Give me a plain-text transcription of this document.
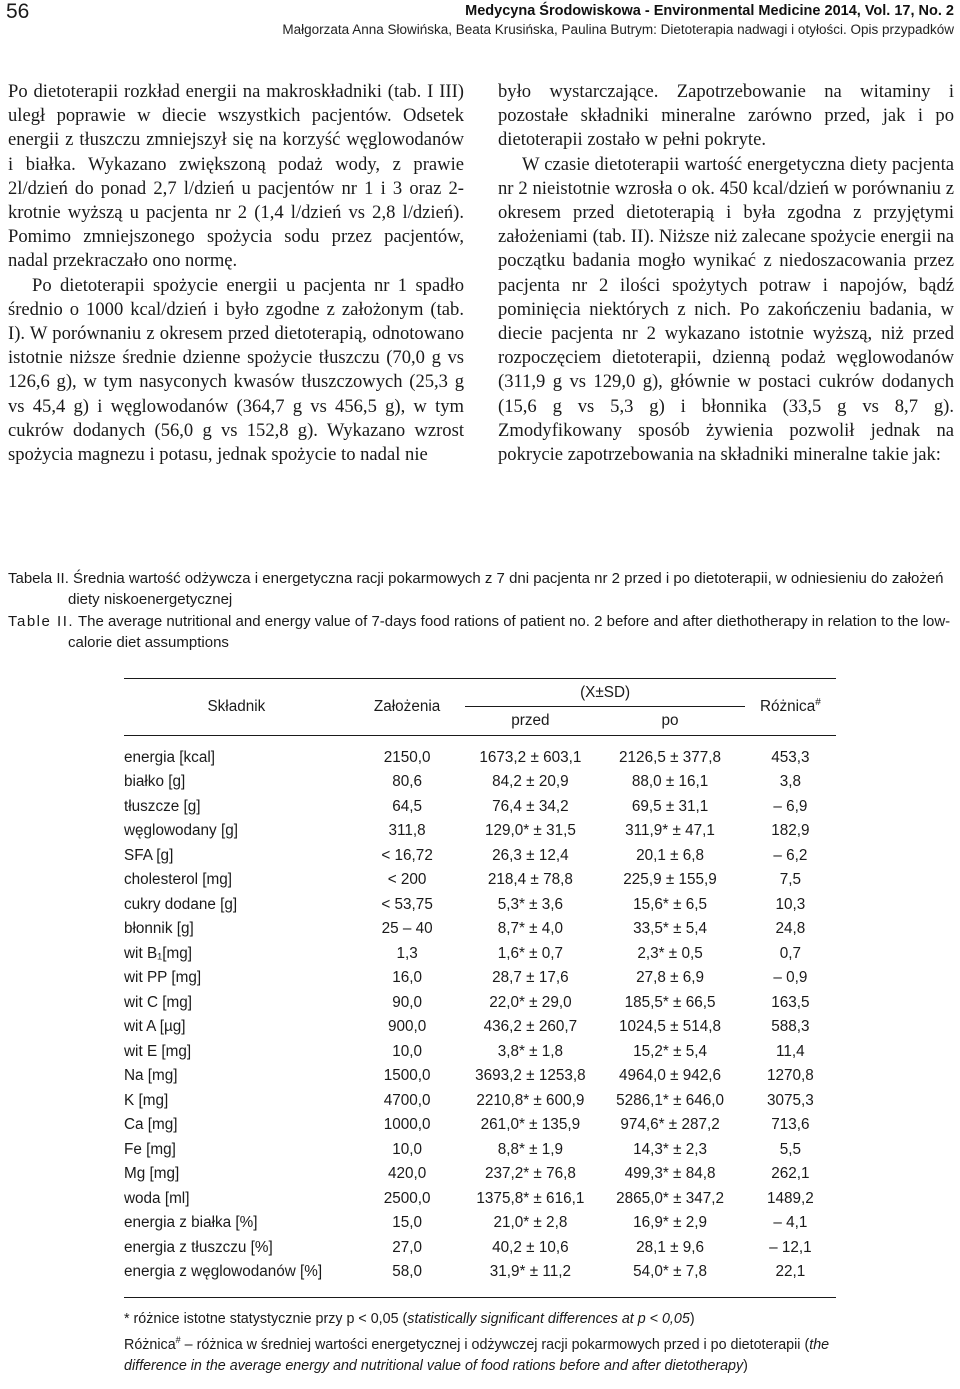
56	Medycyna Środowiskowa - Environmental Medicine 2014, Vol. 17, No. 2
Małgorzata Anna Słowińska, Beata Krusińska, Paulina Butrym: Dietoterapia nadwagi i otyłości. Opis przypadków

Po dietoterapii rozkład energii na makroskładniki (tab. I III) uległ poprawie w diecie wszystkich pacjentów. Odsetek energii z tłuszczu zmniejszył się na korzyść węglowodanów i białka. Wykazano zwiększoną podaż wody, z prawie 2l/dzień do ponad 2,7 l/dzień u pacjentów nr 1 i 3 oraz 2-krotnie wyższą u pacjenta nr 2 (1,4 l/dzień vs 2,8 l/dzień). Pomimo zmniejszonego spożycia sodu przez pacjentów, nadal przekraczało ono normę.

Po dietoterapii spożycie energii u pacjenta nr 1 spadło średnio o 1000 kcal/dzień i było zgodne z założonym (tab. I). W porównaniu z okresem przed dietoterapią, odnotowano istotnie niższe średnie dzienne spożycie tłuszczu (70,0 g vs 126,6 g), w tym nasyconych kwasów tłuszczowych (25,3 g vs 45,4 g) i węglowodanów (364,7 g vs 456,5 g), w tym cukrów dodanych (56,0 g vs 152,8 g). Wykazano wzrost spożycia magnezu i potasu, jednak spożycie to nadal nie

było wystarczające. Zapotrzebowanie na witaminy i pozostałe składniki mineralne zarówno przed, jak i po dietoterapii zostało w pełni pokryte.

W czasie dietoterapii wartość energetyczna diety pacjenta nr 2 nieistotnie wzrosła o ok. 450 kcal/dzień w porównaniu z okresem przed dietoterapią i była zgodna z przyjętymi założeniami (tab. II). Niższe niż zalecane spożycie energii na początku badania mogło wynikać z niedoszacowania przez pacjenta nr 2 ilości spożytych potraw i napojów, bądź pominięcia niektórych z nich. Po zakończeniu badania, w diecie pacjenta nr 2 wykazano istotnie wyższą, niż przed rozpoczęciem dietoterapii, dzienną podaż węglowodanów (311,9 g vs 129,0 g), głównie w postaci cukrów dodanych (15,6 g vs 5,3 g) i błonnika (33,5 g vs 8,7 g). Zmodyfikowany sposób żywienia pozwolił jednak na pokrycie zapotrzebowania na składniki mineralne takie jak:

Tabela II. Średnia wartość odżywcza i energetyczna racji pokarmowych z 7 dni pacjenta nr 2 przed i po dietoterapii, w odniesieniu do założeń diety niskoenergetycznej

Table II. The average nutritional and energy value of 7-days food rations of patient no. 2 before and after diethotherapy in relation to the low-calorie diet assumptions

Składnik	Założenia	(X±SD)		Różnica#
		przed	po	

energia [kcal]	2150,0	1673,2 ± 603,1	2126,5 ± 377,8	453,3
białko [g]	80,6	84,2 ± 20,9	88,0 ± 16,1	3,8
tłuszcze [g]	64,5	76,4 ± 34,2	69,5 ± 31,1	– 6,9
węglowodany [g]	311,8	129,0* ± 31,5	311,9* ± 47,1	182,9
SFA [g]	< 16,72	26,3 ± 12,4	20,1 ± 6,8	– 6,2
cholesterol [mg]	< 200	218,4 ± 78,8	225,9 ± 155,9	7,5
cukry dodane [g]	< 53,75	5,3* ± 3,6	15,6* ± 6,5	10,3
błonnik [g]	25 – 40	8,7* ± 4,0	33,5* ± 5,4	24,8
wit B₁[mg]	1,3	1,6* ± 0,7	2,3* ± 0,5	0,7
wit PP [mg]	16,0	28,7 ± 17,6	27,8 ± 6,9	– 0,9
wit C [mg]	90,0	22,0* ± 29,0	185,5* ± 66,5	163,5
wit A [µg]	900,0	436,2 ± 260,7	1024,5 ± 514,8	588,3
wit E [mg]	10,0	3,8* ± 1,8	15,2* ± 5,4	11,4
Na [mg]	1500,0	3693,2 ± 1253,8	4964,0 ± 942,6	1270,8
K [mg]	4700,0	2210,8* ± 600,9	5286,1* ± 646,0	3075,3
Ca [mg]	1000,0	261,0* ± 135,9	974,6* ± 287,2	713,6
Fe [mg]	10,0	8,8* ± 1,9	14,3* ± 2,3	5,5
Mg [mg]	420,0	237,2* ± 76,8	499,3* ± 84,8	262,1
woda [ml]	2500,0	1375,8* ± 616,1	2865,0* ± 347,2	1489,2
energia z białka [%]	15,0	21,0* ± 2,8	16,9* ± 2,9	– 4,1
energia z tłuszczu [%]	27,0	40,2 ± 10,6	28,1 ± 9,6	– 12,1
energia z węglowodanów [%]	58,0	31,9* ± 11,2	54,0* ± 7,8	22,1

* różnice istotne statystycznie przy p < 0,05 (statistically significant differences at p < 0,05)

Różnica# – różnica w średniej wartości energetycznej i odżywczej racji pokarmowych przed i po dietoterapii (the difference in the average energy and nutritional value of food rations before and after dietotherapy)
